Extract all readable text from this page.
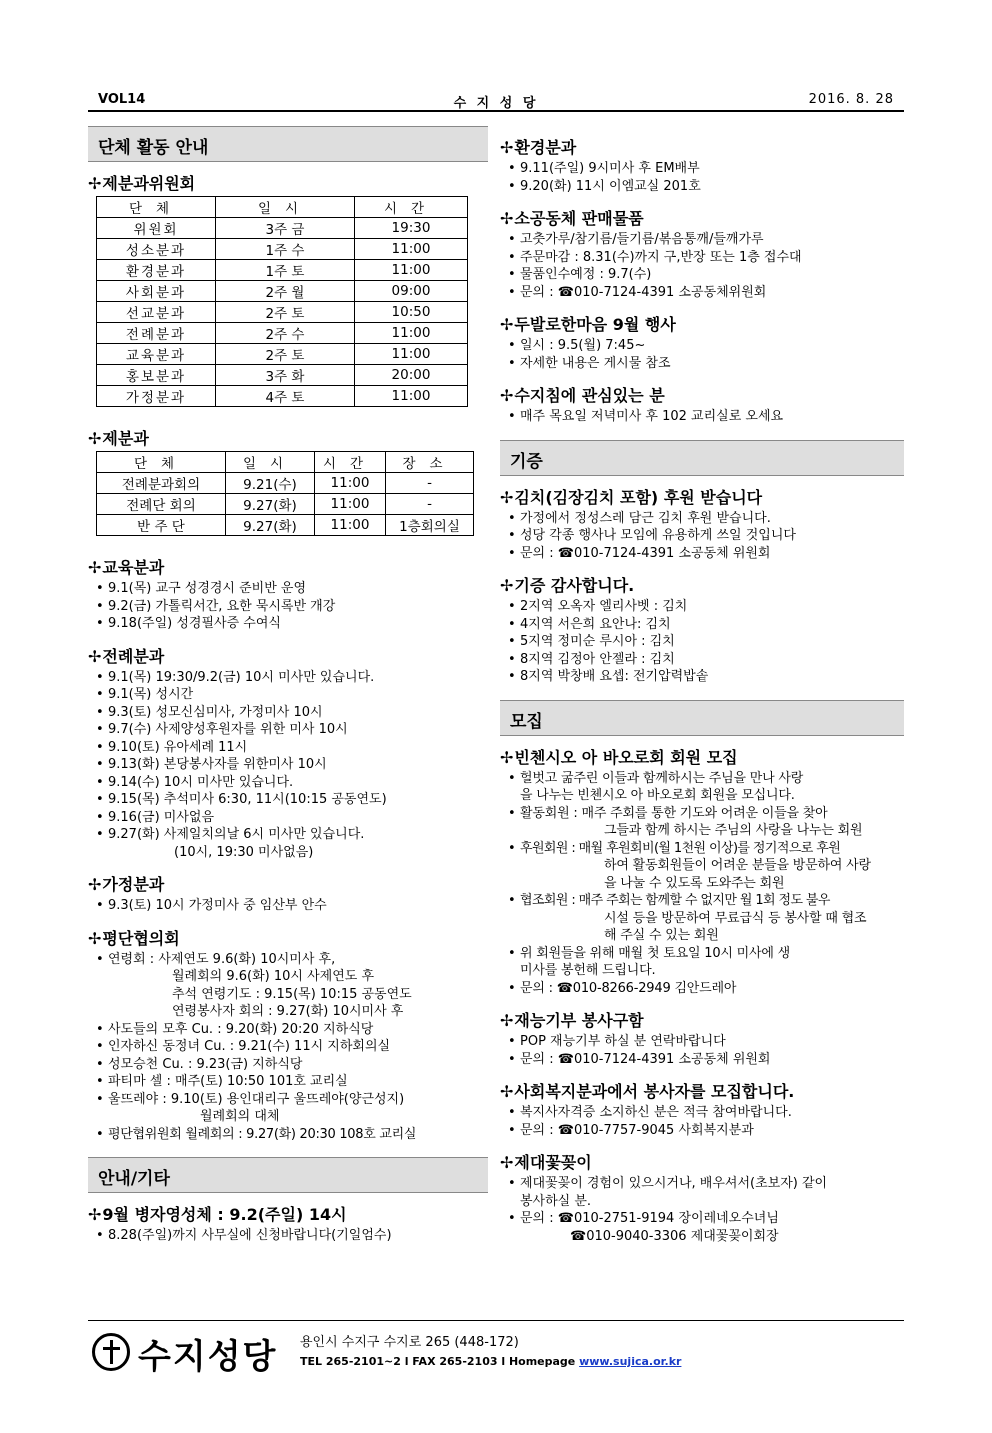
VOL14	수 지 성 당	2016. 8. 28
단체 활동 안내
✢제분과위원회
단체	일시	시간
위원회	3주 금	19:30
성소분과	1주 수	11:00
환경분과	1주 토	11:00
사회분과	2주 월	09:00
선교분과	2주 토	10:50
전례분과	2주 수	11:00
교육분과	2주 토	11:00
홍보분과	3주 화	20:00
가정분과	4주 토	11:00
✢제분과
단체	일시	시간	장소
전례분과회의	9.21(수)	11:00	-
전례단 회의	9.27(화)	11:00	-
반 주 단	9.27(화)	11:00	1층회의실
✢교육분과
• 9.1(목) 교구 성경경시 준비반 운영
• 9.2(금) 가톨릭서간, 요한 묵시록반 개강
• 9.18(주일) 성경필사증 수여식
✢전례분과
• 9.1(목) 19:30/9.2(금) 10시 미사만 있습니다.
• 9.1(목) 성시간
• 9.3(토) 성모신심미사, 가정미사 10시
• 9.7(수) 사제양성후원자를 위한 미사 10시
• 9.10(토) 유아세례 11시
• 9.13(화) 본당봉사자를 위한미사 10시
• 9.14(수) 10시 미사만 있습니다.
• 9.15(목) 추석미사 6:30, 11시(10:15 공동연도)
• 9.16(금) 미사없음
• 9.27(화) 사제일치의날 6시 미사만 있습니다.
(10시, 19:30 미사없음)
✢가정분과
• 9.3(토) 10시 가정미사 중 임산부 안수
✢평단협의회
• 연령회 : 사제연도 9.6(화) 10시미사 후,
월례회의 9.6(화) 10시 사제연도 후
추석 연령기도 : 9.15(목) 10:15 공동연도
연령봉사자 회의 : 9.27(화) 10시미사 후
• 사도들의 모후 Cu. : 9.20(화) 20:20 지하식당
• 인자하신 동정녀 Cu. : 9.21(수) 11시 지하회의실
• 성모승천 Cu. : 9.23(금) 지하식당
• 파티마 셀 : 매주(토) 10:50 101호 교리실
• 울뜨레야 : 9.10(토) 용인대리구 울뜨레야(양근성지)
월례회의 대체
• 평단협위원회 월례회의 : 9.27(화) 20:30 108호 교리실
안내/기타
✢9월 병자영성체 : 9.2(주일) 14시
• 8.28(주일)까지 사무실에 신청바랍니다(기일엄수)
✢환경분과
• 9.11(주일) 9시미사 후 EM배부
• 9.20(화) 11시 이엠교실 201호
✢소공동체 판매물품
• 고춧가루/참기름/들기름/볶음통깨/들깨가루
• 주문마감 : 8.31(수)까지 구,반장 또는 1층 접수대
• 물품인수예정 : 9.7(수)
• 문의 : ☎010-7124-4391 소공동체위원회
✢두발로한마음 9월 행사
• 일시 : 9.5(월) 7:45~
• 자세한 내용은 게시물 참조
✢수지침에 관심있는 분
• 매주 목요일 저녁미사 후 102 교리실로 오세요
기증
✢김치(김장김치 포함) 후원 받습니다
• 가정에서 정성스레 담근 김치 후원 받습니다.
• 성당 각종 행사나 모임에 유용하게 쓰일 것입니다
• 문의 : ☎010-7124-4391 소공동체 위원회
✢기증 감사합니다.
• 2지역 오옥자 엘리사벳 : 김치
• 4지역 서은희 요안나: 김치
• 5지역 정미순 루시아 : 김치
• 8지역 김정아 안젤라 : 김치
• 8지역 박창배 요셉: 전기압력밥솥
모집
✢빈첸시오 아 바오로회 회원 모집
• 헐벗고 굶주린 이들과 함께하시는 주님을 만나 사랑
을 나누는 빈첸시오 아 바오로회 회원을 모십니다.
• 활동회원 : 매주 주회를 통한 기도와 어려운 이들을 찾아
그들과 함께 하시는 주님의 사랑을 나누는 회원
• 후원회원 : 매월 후원회비(월 1천원 이상)를 정기적으로 후원
하여 활동회원들이 어려운 분들을 방문하여 사랑
을 나눌 수 있도록 도와주는 회원
• 협조회원 : 매주 주회는 함께할 수 없지만 월 1회 정도 불우
시설 등을 방문하여 무료급식 등 봉사할 때 협조
해 주실 수 있는 회원
• 위 회원들을 위해 매월 첫 토요일 10시 미사에 생
미사를 봉헌해 드립니다.
• 문의 : ☎010-8266-2949 김안드레아
✢재능기부 봉사구함
• POP 재능기부 하실 분 연락바랍니다
• 문의 : ☎010-7124-4391 소공동체 위원회
✢사회복지분과에서 봉사자를 모집합니다.
• 복지사자격증 소지하신 분은 적극 참여바랍니다.
• 문의 : ☎010-7757-9045 사회복지분과
✢제대꽃꽂이
• 제대꽃꽂이 경험이 있으시거나, 배우셔서(초보자) 같이
봉사하실 분.
• 문의 : ☎010-2751-9194 장이레네오수녀님
☎010-9040-3306 제대꽃꽂이회장
수지성당 용인시 수지구 수지로 265 (448-172)
TEL 265-2101~2 l FAX 265-2103 l Homepage www.sujica.or.kr
